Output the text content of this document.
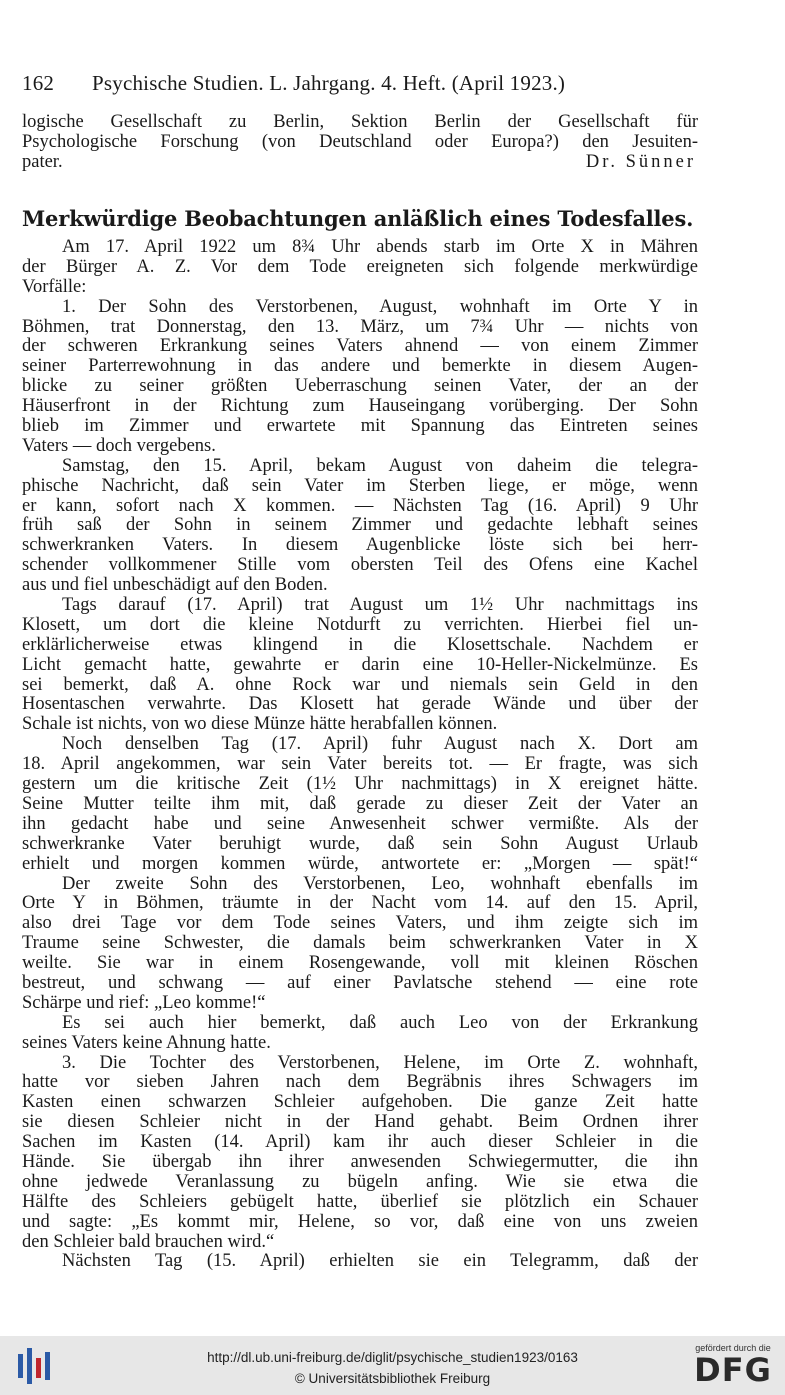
162 Psychische Studien. L. Jahrgang. 4. Heft. (April 1923.)
logische Gesellschaft zu Berlin, Sektion Berlin der Gesellschaft für
Psychologische Forschung (von Deutschland oder Europa?) den Jesuiten-
pater.	Dr. Sünner
Merkwürdige Beobachtungen anläßlich eines Todesfalles.
Am 17. April 1922 um 8¾ Uhr abends starb im Orte X in Mähren
der Bürger A. Z. Vor dem Tode ereigneten sich folgende merkwürdige
Vorfälle:
1. Der Sohn des Verstorbenen, August, wohnhaft im Orte Y in
Böhmen, trat Donnerstag, den 13. März, um 7¾ Uhr — nichts von
der schweren Erkrankung seines Vaters ahnend — von einem Zimmer
seiner Parterrewohnung in das andere und bemerkte in diesem Augen-
blicke zu seiner größten Ueberraschung seinen Vater, der an der
Häuserfront in der Richtung zum Hauseingang vorüberging. Der Sohn
blieb im Zimmer und erwartete mit Spannung das Eintreten seines
Vaters — doch vergebens.
Samstag, den 15. April, bekam August von daheim die telegra-
phische Nachricht, daß sein Vater im Sterben liege, er möge, wenn
er kann, sofort nach X kommen. — Nächsten Tag (16. April) 9 Uhr
früh saß der Sohn in seinem Zimmer und gedachte lebhaft seines
schwerkranken Vaters. In diesem Augenblicke löste sich bei herr-
schender vollkommener Stille vom obersten Teil des Ofens eine Kachel
aus und fiel unbeschädigt auf den Boden.
Tags darauf (17. April) trat August um 1½ Uhr nachmittags ins
Klosett, um dort die kleine Notdurft zu verrichten. Hierbei fiel un-
erklärlicherweise etwas klingend in die Klosettschale. Nachdem er
Licht gemacht hatte, gewahrte er darin eine 10-Heller-Nickelmünze. Es
sei bemerkt, daß A. ohne Rock war und niemals sein Geld in den
Hosentaschen verwahrte. Das Klosett hat gerade Wände und über der
Schale ist nichts, von wo diese Münze hätte herabfallen können.
Noch denselben Tag (17. April) fuhr August nach X. Dort am
18. April angekommen, war sein Vater bereits tot. — Er fragte, was sich
gestern um die kritische Zeit (1½ Uhr nachmittags) in X ereignet hätte.
Seine Mutter teilte ihm mit, daß gerade zu dieser Zeit der Vater an
ihn gedacht habe und seine Anwesenheit schwer vermißte. Als der
schwerkranke Vater beruhigt wurde, daß sein Sohn August Urlaub
erhielt und morgen kommen würde, antwortete er: „Morgen — spät!“
Der zweite Sohn des Verstorbenen, Leo, wohnhaft ebenfalls im
Orte Y in Böhmen, träumte in der Nacht vom 14. auf den 15. April,
also drei Tage vor dem Tode seines Vaters, und ihm zeigte sich im
Traume seine Schwester, die damals beim schwerkranken Vater in X
weilte. Sie war in einem Rosengewande, voll mit kleinen Röschen
bestreut, und schwang — auf einer Pavlatsche stehend — eine rote
Schärpe und rief: „Leo komme!“
Es sei auch hier bemerkt, daß auch Leo von der Erkrankung
seines Vaters keine Ahnung hatte.
3. Die Tochter des Verstorbenen, Helene, im Orte Z. wohnhaft,
hatte vor sieben Jahren nach dem Begräbnis ihres Schwagers im
Kasten einen schwarzen Schleier aufgehoben. Die ganze Zeit hatte
sie diesen Schleier nicht in der Hand gehabt. Beim Ordnen ihrer
Sachen im Kasten (14. April) kam ihr auch dieser Schleier in die
Hände. Sie übergab ihn ihrer anwesenden Schwiegermutter, die ihn
ohne jedwede Veranlassung zu bügeln anfing. Wie sie etwa die
Hälfte des Schleiers gebügelt hatte, überlief sie plötzlich ein Schauer
und sagte: „Es kommt mir, Helene, so vor, daß eine von uns zweien
den Schleier bald brauchen wird.“
Nächsten Tag (15. April) erhielten sie ein Telegramm, daß der
http://dl.ub.uni-freiburg.de/diglit/psychische_studien1923/0163
© Universitätsbibliothek Freiburg
gefördert durch die
DFG
